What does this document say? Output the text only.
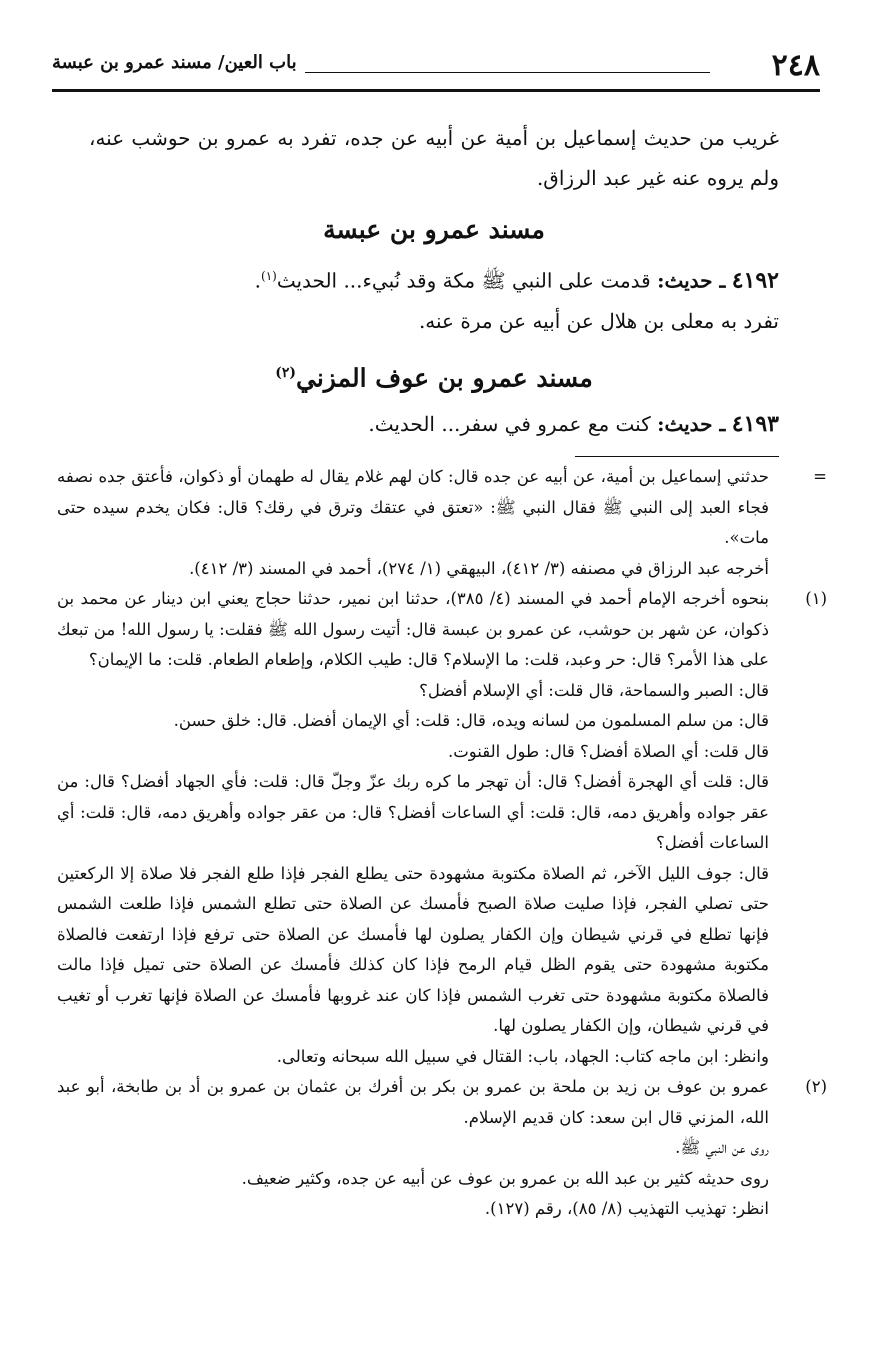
٢٤٨
باب العين/ مسند عمرو بن عبسة

غريب من حديث إسماعيل بن أمية عن أبيه عن جده، تفرد به عمرو بن حوشب عنه، ولم يروه عنه غير عبد الرزاق.

مسند عمرو بن عبسة

٤١٩٢ ـ حديث: قدمت على النبي ﷺ مكة وقد نُبيء... الحديث$^{(١)}$.

تفرد به معلى بن هلال عن أبيه عن مرة عنه.

مسند عمرو بن عوف المزني$^{(٢)}$

٤١٩٣ ـ حديث: كنت مع عمرو في سفر... الحديث.

=

حدثني إسماعيل بن أمية، عن أبيه عن جده قال: كان لهم غلام يقال له طهمان أو ذكوان، فأعتق جده نصفه فجاء العبد إلى النبي ﷺ فقال النبي ﷺ: «تعتق في عتقك وترق في رقك؟ قال: فكان يخدم سيده حتى مات».

أخرجه عبد الرزاق في مصنفه (٣/ ٤١٢)، البيهقي (١/ ٢٧٤)، أحمد في المسند (٣/ ٤١٢).

(١)

بنحوه أخرجه الإمام أحمد في المسند (٤/ ٣٨٥)، حدثنا ابن نمير، حدثنا حجاج يعني ابن دينار عن محمد بن ذكوان، عن شهر بن حوشب، عن عمرو بن عبسة قال: أتيت رسول الله ﷺ فقلت: يا رسول الله! من تبعك على هذا الأمر؟ قال: حر وعبد، قلت: ما الإسلام؟ قال: طيب الكلام، وإطعام الطعام. قلت: ما الإيمان؟

قال: الصبر والسماحة، قال قلت: أي الإسلام أفضل؟

قال: من سلم المسلمون من لسانه ويده، قال: قلت: أي الإيمان أفضل. قال: خلق حسن.

قال قلت: أي الصلاة أفضل؟ قال: طول القنوت.

قال: قلت أي الهجرة أفضل؟ قال: أن تهجر ما كره ربك عزّ وجلّ قال: قلت: فأي الجهاد أفضل؟ قال: من عقر جواده وأهريق دمه، قال: قلت: أي الساعات أفضل؟ قال: من عقر جواده وأهريق دمه، قال: قلت: أي الساعات أفضل؟

قال: جوف الليل الآخر، ثم الصلاة مكتوبة مشهودة حتى يطلع الفجر فإذا طلع الفجر فلا صلاة إلا الركعتين حتى تصلي الفجر، فإذا صليت صلاة الصبح فأمسك عن الصلاة حتى تطلع الشمس فإذا طلعت الشمس فإنها تطلع في قرني شيطان وإن الكفار يصلون لها فأمسك عن الصلاة حتى ترفع فإذا ارتفعت فالصلاة مكتوبة مشهودة حتى يقوم الظل قيام الرمح فإذا كان كذلك فأمسك عن الصلاة حتى تميل فإذا مالت فالصلاة مكتوبة مشهودة حتى تغرب الشمس فإذا كان عند غروبها فأمسك عن الصلاة فإنها تغرب أو تغيب في قرني شيطان، وإن الكفار يصلون لها.

وانظر: ابن ماجه كتاب: الجهاد، باب: القتال في سبيل الله سبحانه وتعالى.

(٢)

عمرو بن عوف بن زيد بن ملحة بن عمرو بن بكر بن أفرك بن عثمان بن عمرو بن أد بن طابخة، أبو عبد الله، المزني قال ابن سعد: كان قديم الإسلام.

روى عن النبي ﷺ.

روى حديثه كثير بن عبد الله بن عمرو بن عوف عن أبيه عن جده، وكثير ضعيف.

انظر: تهذيب التهذيب (٨/ ٨٥)، رقم (١٢٧).
